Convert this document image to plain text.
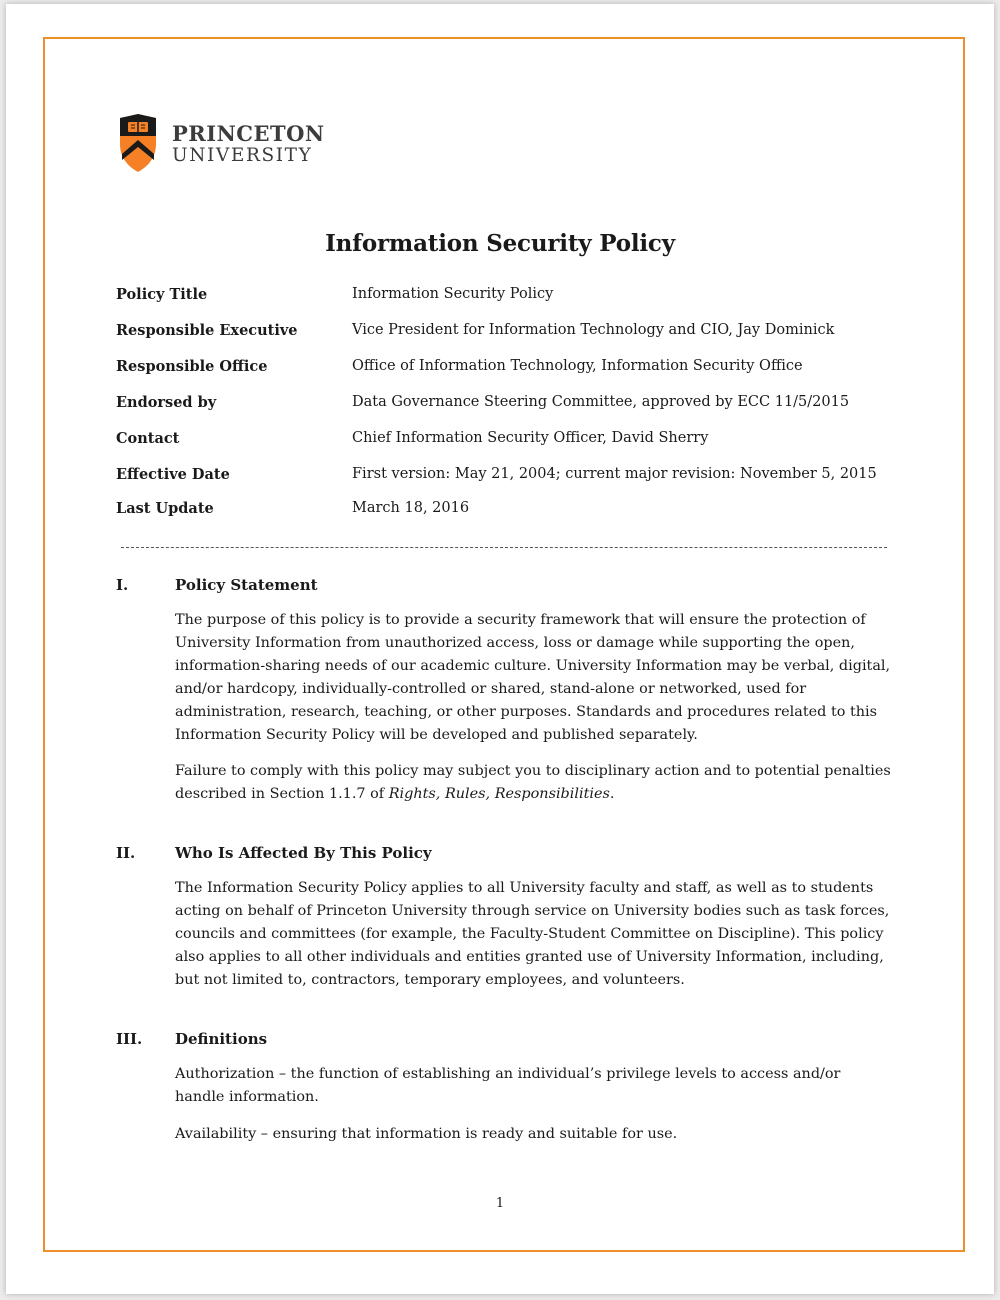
PRINCETON
UNIVERSITY
Information Security Policy
Policy Title	Information Security Policy
Responsible Executive	Vice President for Information Technology and CIO, Jay Dominick
Responsible Office	Office of Information Technology, Information Security Office
Endorsed by	Data Governance Steering Committee, approved by ECC 11/5/2015
Contact	Chief Information Security Officer, David Sherry
Effective Date	First version: May 21, 2004; current major revision: November 5, 2015
Last Update	March 18, 2016
I.	Policy Statement

The purpose of this policy is to provide a security framework that will ensure the protection of University Information from unauthorized access, loss or damage while supporting the open, information-sharing needs of our academic culture. University Information may be verbal, digital, and/or hardcopy, individually-controlled or shared, stand-alone or networked, used for administration, research, teaching, or other purposes. Standards and procedures related to this Information Security Policy will be developed and published separately.

Failure to comply with this policy may subject you to disciplinary action and to potential penalties described in Section 1.1.7 of Rights, Rules, Responsibilities.

II.	Who Is Affected By This Policy

The Information Security Policy applies to all University faculty and staff, as well as to students acting on behalf of Princeton University through service on University bodies such as task forces, councils and committees (for example, the Faculty-Student Committee on Discipline). This policy also applies to all other individuals and entities granted use of University Information, including, but not limited to, contractors, temporary employees, and volunteers.

III.	Definitions

Authorization – the function of establishing an individual’s privilege levels to access and/or handle information.

Availability – ensuring that information is ready and suitable for use.

1
